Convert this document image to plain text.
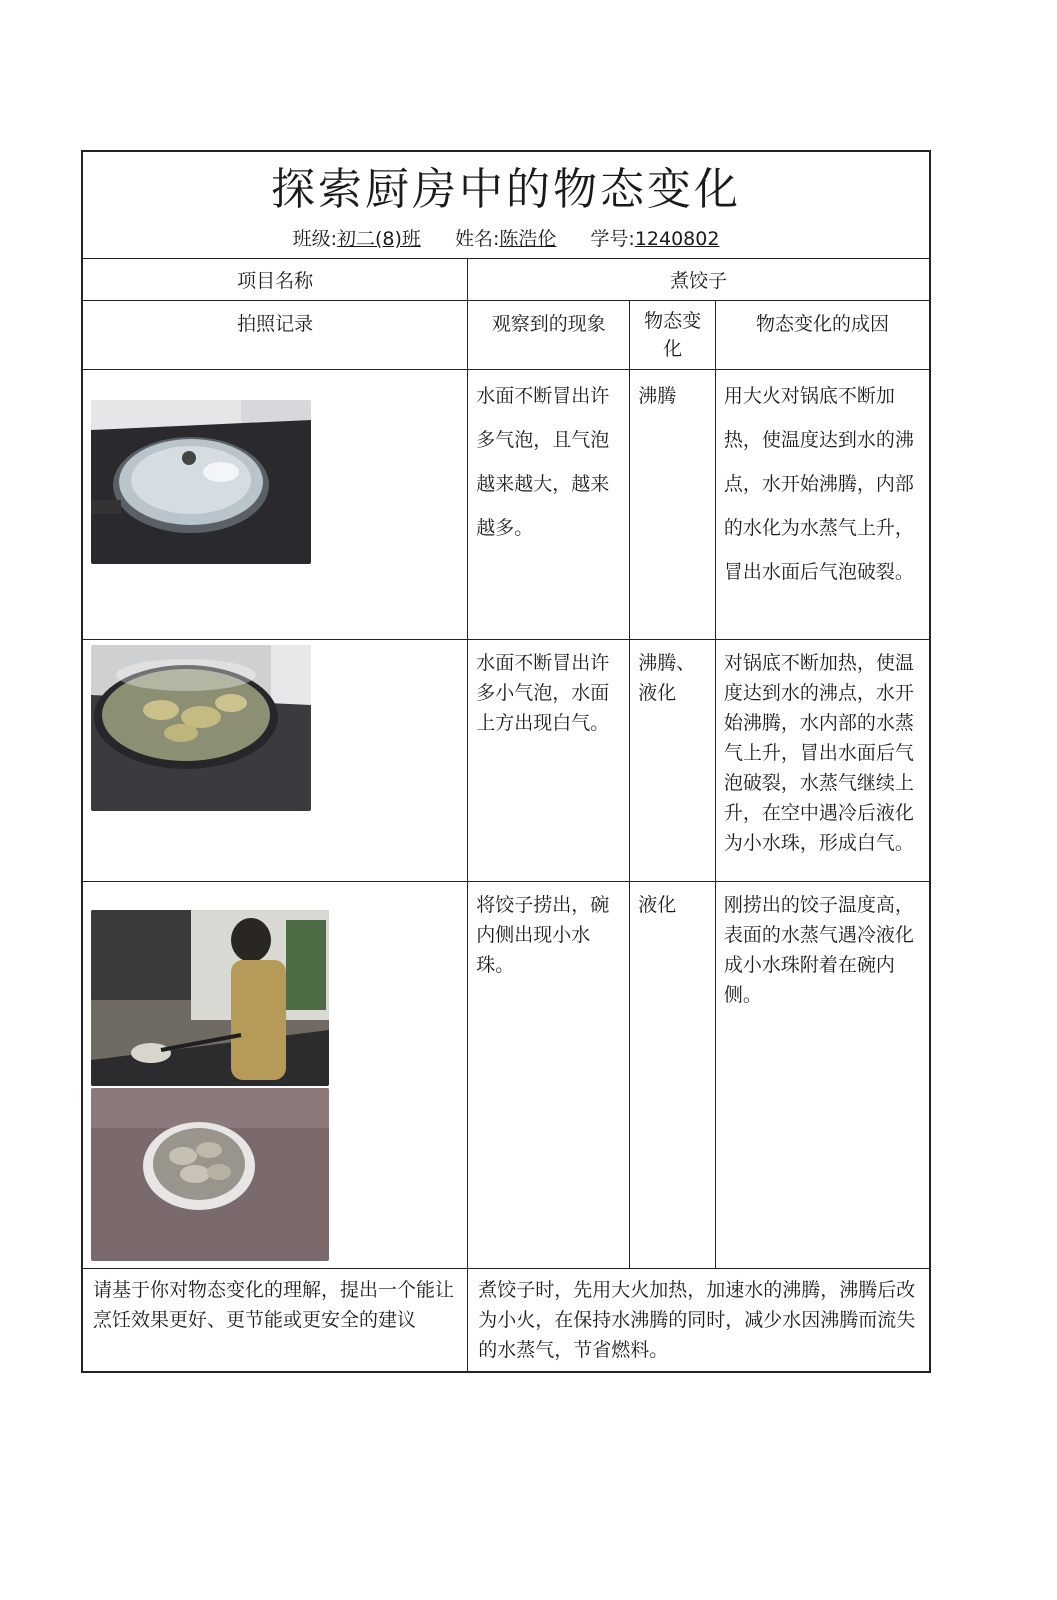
探索厨房中的物态变化
班级:初二(8)班 姓名:陈浩伦 学号:1240802
项目名称	煮饺子		
拍照记录	观察到的现象	物态变化	物态变化的成因

	水面不断冒出许多气泡，且气泡越来越大，越来越多。	沸腾	用大火对锅底不断加热，使温度达到水的沸点，水开始沸腾，内部的水化为水蒸气上升，冒出水面后气泡破裂。

	水面不断冒出许多小气泡，水面上方出现白气。	沸腾、液化	对锅底不断加热，使温度达到水的沸点，水开始沸腾，水内部的水蒸气上升，冒出水面后气泡破裂，水蒸气继续上升，在空中遇冷后液化为小水珠，形成白气。

	将饺子捞出，碗内侧出现小水珠。	液化	刚捞出的饺子温度高，表面的水蒸气遇冷液化成小水珠附着在碗内侧。
请基于你对物态变化的理解，提出一个能让烹饪效果更好、更节能或更安全的建议	煮饺子时，先用大火加热，加速水的沸腾，沸腾后改为小火，在保持水沸腾的同时，减少水因沸腾而流失的水蒸气，节省燃料。		
